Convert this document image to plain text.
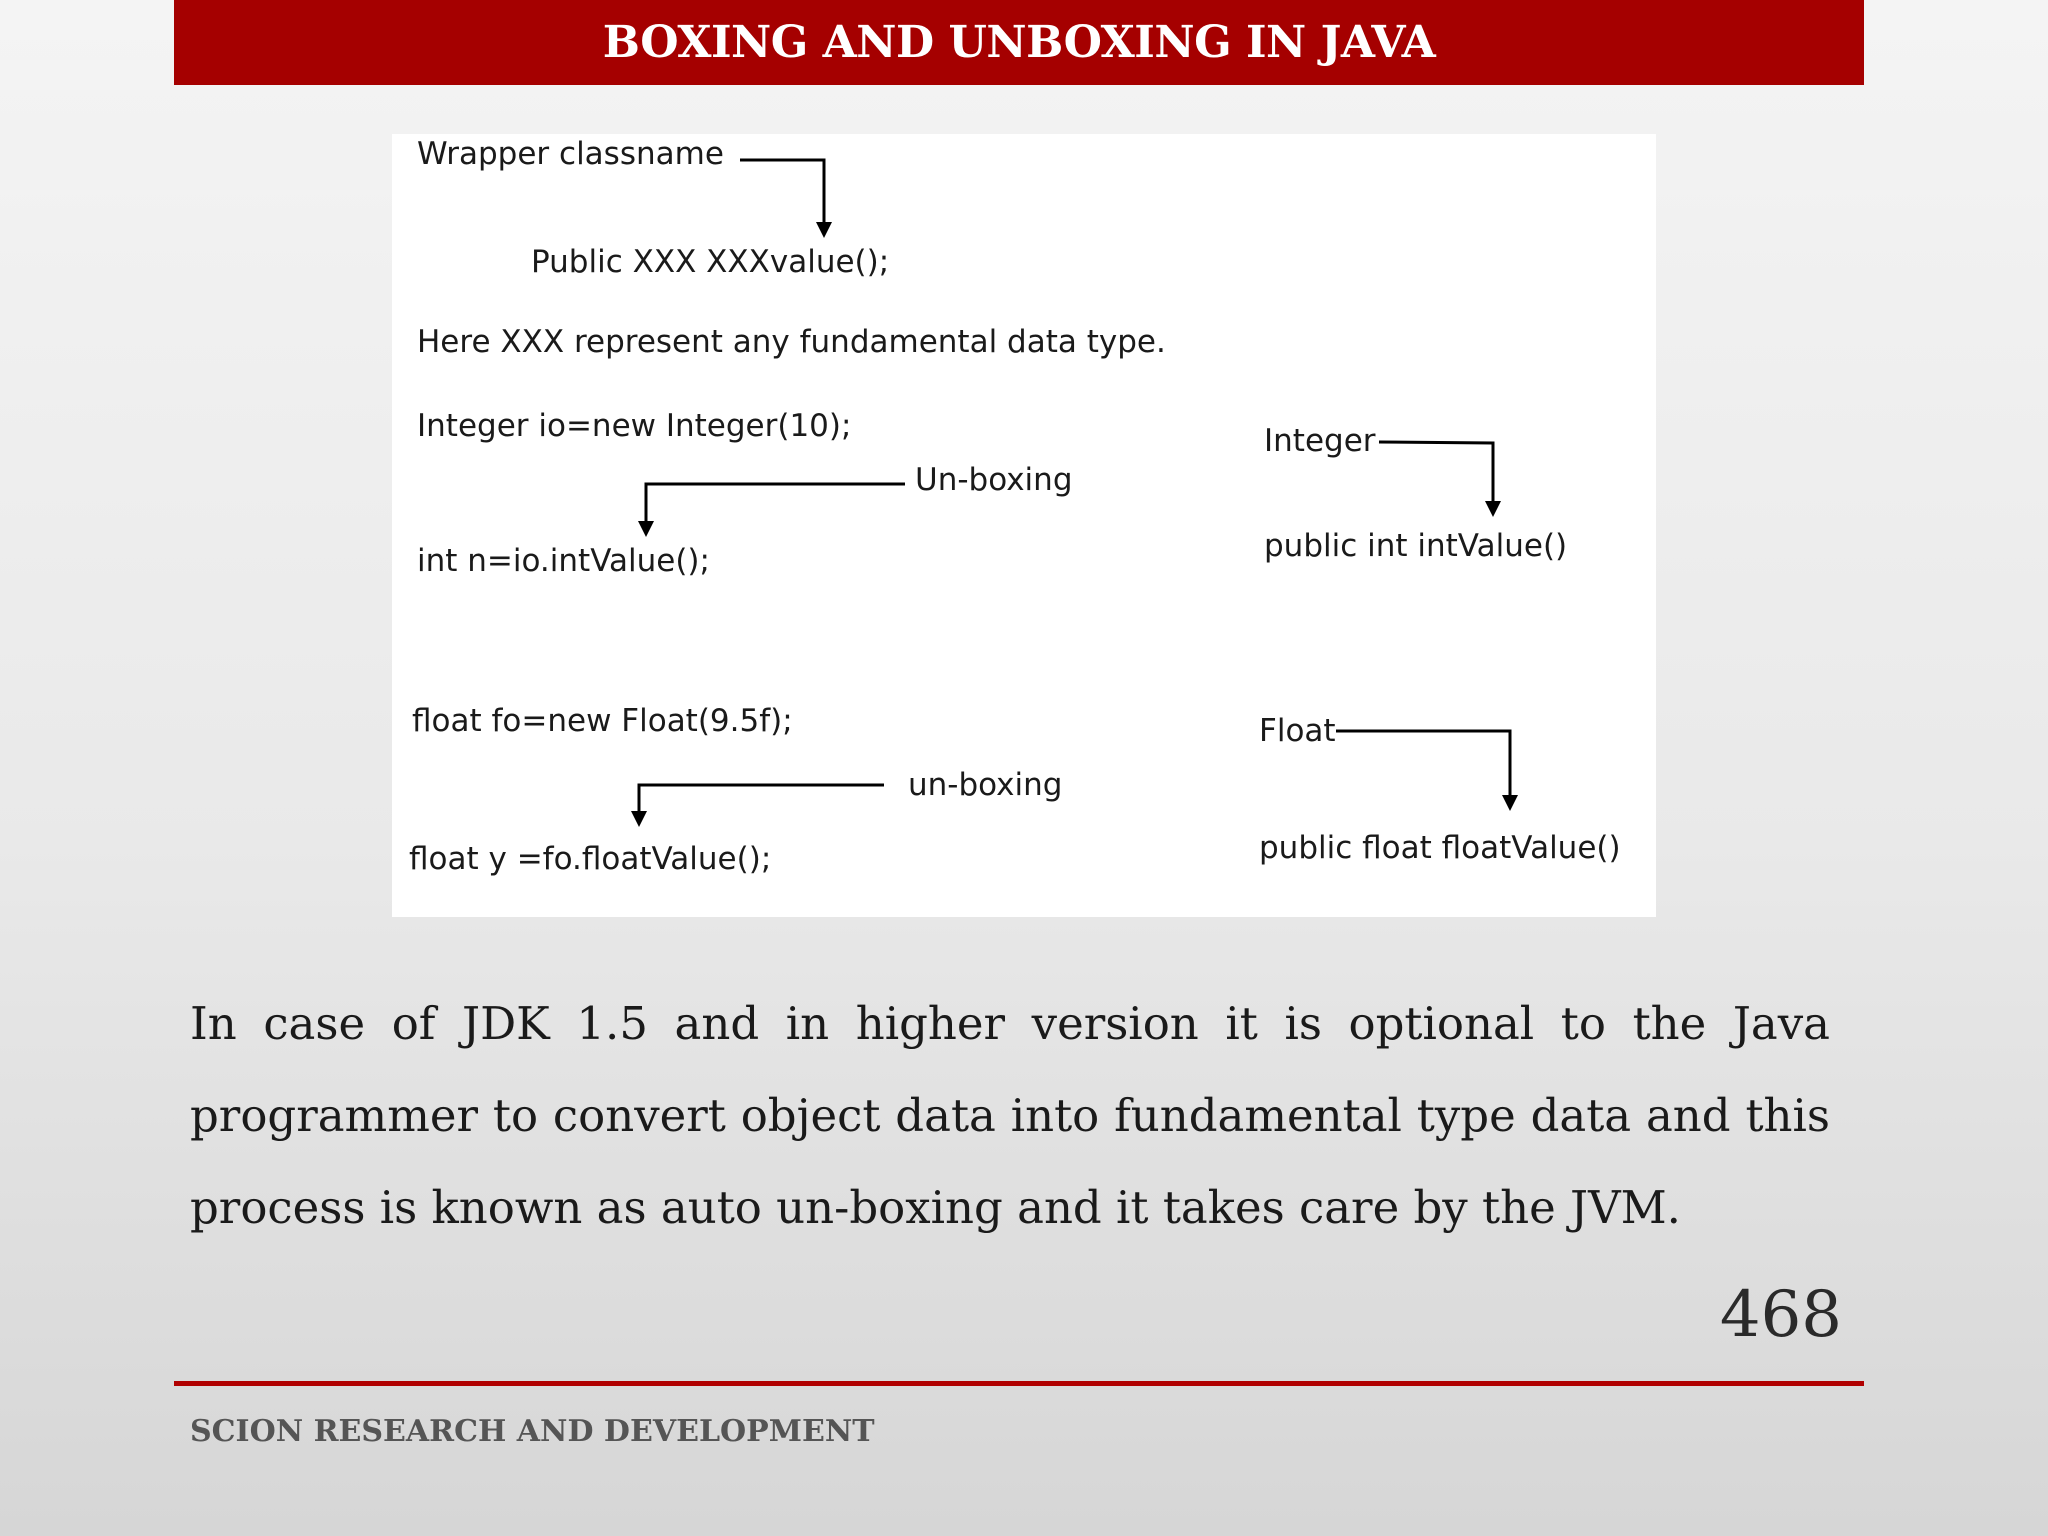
BOXING AND UNBOXING IN JAVA
Wrapper classname
Public XXX XXXvalue();
Here XXX represent any fundamental data type.
Integer io=new Integer(10);
Un-boxing
int n=io.intValue();
Integer
public int intValue()
float fo=new Float(9.5f);
un-boxing
float y =fo.floatValue();
Float
public float floatValue()

In case of JDK 1.5 and in higher version it is optional to the Java programmer to convert object data into fundamental type data and this process is known as auto un-boxing and it takes care by the JVM.

468
SCION RESEARCH AND DEVELOPMENT
